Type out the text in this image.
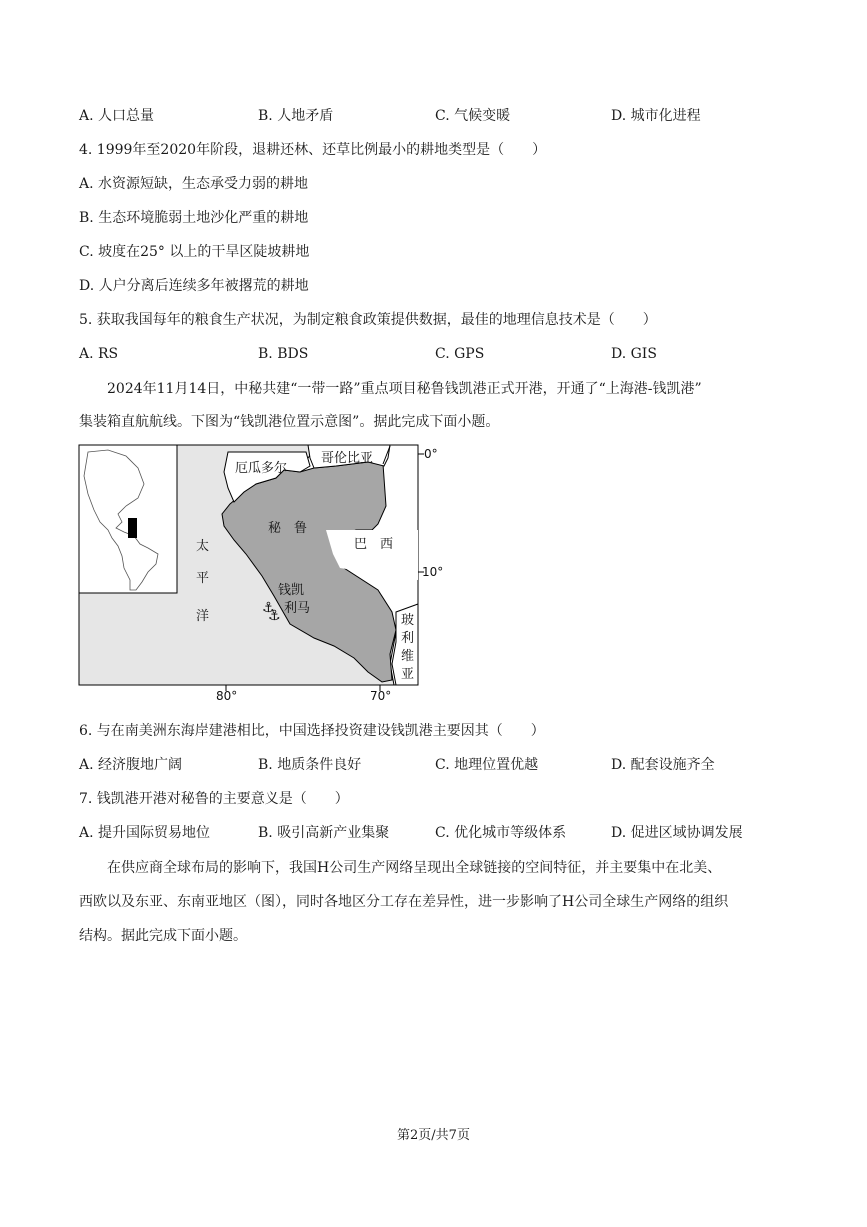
A. 人口总量	B. 人地矛盾	C. 气候变暖	D. 城市化进程
4. 1999年至2020年阶段，退耕还林、还草比例最小的耕地类型是（　　）
A. 水资源短缺，生态承受力弱的耕地
B. 生态环境脆弱土地沙化严重的耕地
C. 坡度在25° 以上的干旱区陡坡耕地
D. 人户分离后连续多年被撂荒的耕地
5. 获取我国每年的粮食生产状况，为制定粮食政策提供数据，最佳的地理信息技术是（　　）
A. RS	B. BDS	C. GPS	D. GIS
2024年11月14日，中秘共建“一带一路”重点项目秘鲁钱凯港正式开港，开通了“上海港-钱凯港”
集装箱直航航线。下图为“钱凯港位置示意图”。据此完成下面小题。
⚓
⚓
厄瓜多尔
哥伦比亚
秘　鲁
巴　西
太
平
洋
钱凯
利马
玻
利
维
亚
0°
10°
80°	70°
6. 与在南美洲东海岸建港相比，中国选择投资建设钱凯港主要因其（　　）
A. 经济腹地广阔	B. 地质条件良好	C. 地理位置优越	D. 配套设施齐全
7. 钱凯港开港对秘鲁的主要意义是（　　）
A. 提升国际贸易地位	B. 吸引高新产业集聚	C. 优化城市等级体系	D. 促进区域协调发展
在供应商全球布局的影响下，我国H公司生产网络呈现出全球链接的空间特征，并主要集中在北美、
西欧以及东亚、东南亚地区（图），同时各地区分工存在差异性，进一步影响了H公司全球生产网络的组织
结构。据此完成下面小题。
第2页/共7页
